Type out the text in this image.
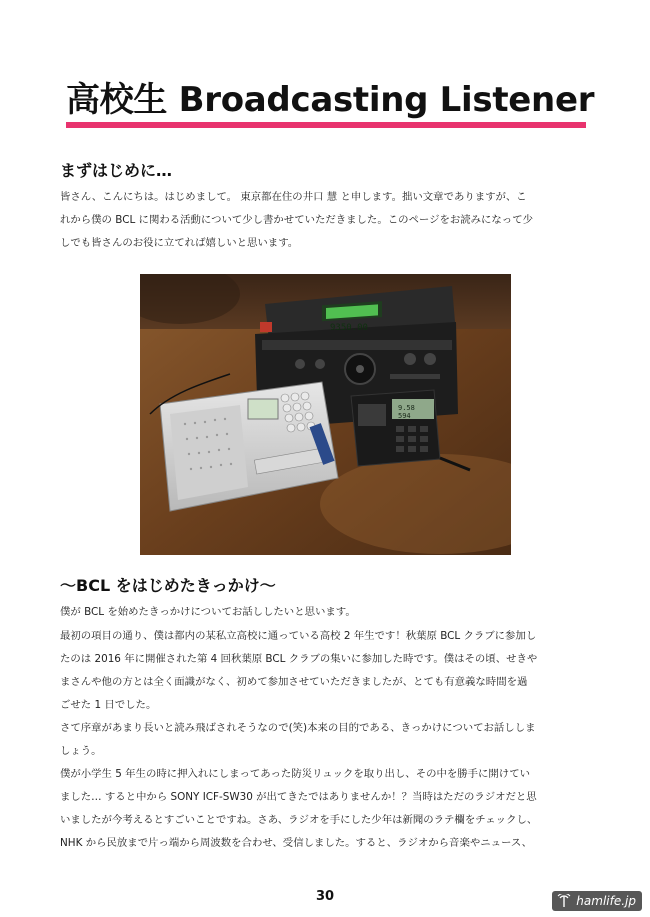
高校生 Broadcasting Listener
まずはじめに…

皆さん、こんにちは。はじめまして。 東京都在住の井口 慧 と申します。拙い文章でありますが、こ

れから僕の BCL に関わる活動について少し書かせていただきました。このページをお読みになって少

しでも皆さんのお役に立てれば嬉しいと思います。

9350.00
9.58
594
〜BCL をはじめたきっかけ〜

僕が BCL を始めたきっかけについてお話ししたいと思います。

最初の項目の通り、僕は都内の某私立高校に通っている高校 2 年生です！秋葉原 BCL クラブに参加し

たのは 2016 年に開催された第 4 回秋葉原 BCL クラブの集いに参加した時です。僕はその頃、せきや

まさんや他の方とは全く面識がなく、初めて参加させていただきましたが、とても有意義な時間を過

ごせた 1 日でした。

さて序章があまり長いと読み飛ばされそうなので(笑)本来の目的である、きっかけについてお話ししま

しょう。

僕が小学生 5 年生の時に押入れにしまってあった防災リュックを取り出し、その中を勝手に開けてい

ました… すると中から SONY ICF-SW30 が出てきたではありませんか！？当時はただのラジオだと思

いましたが今考えるとすごいことですね。さあ、ラジオを手にした少年は新聞のラテ欄をチェックし、

NHK から民放まで片っ端から周波数を合わせ、受信しました。すると、ラジオから音楽やニュース、

30	hamlife.jp
